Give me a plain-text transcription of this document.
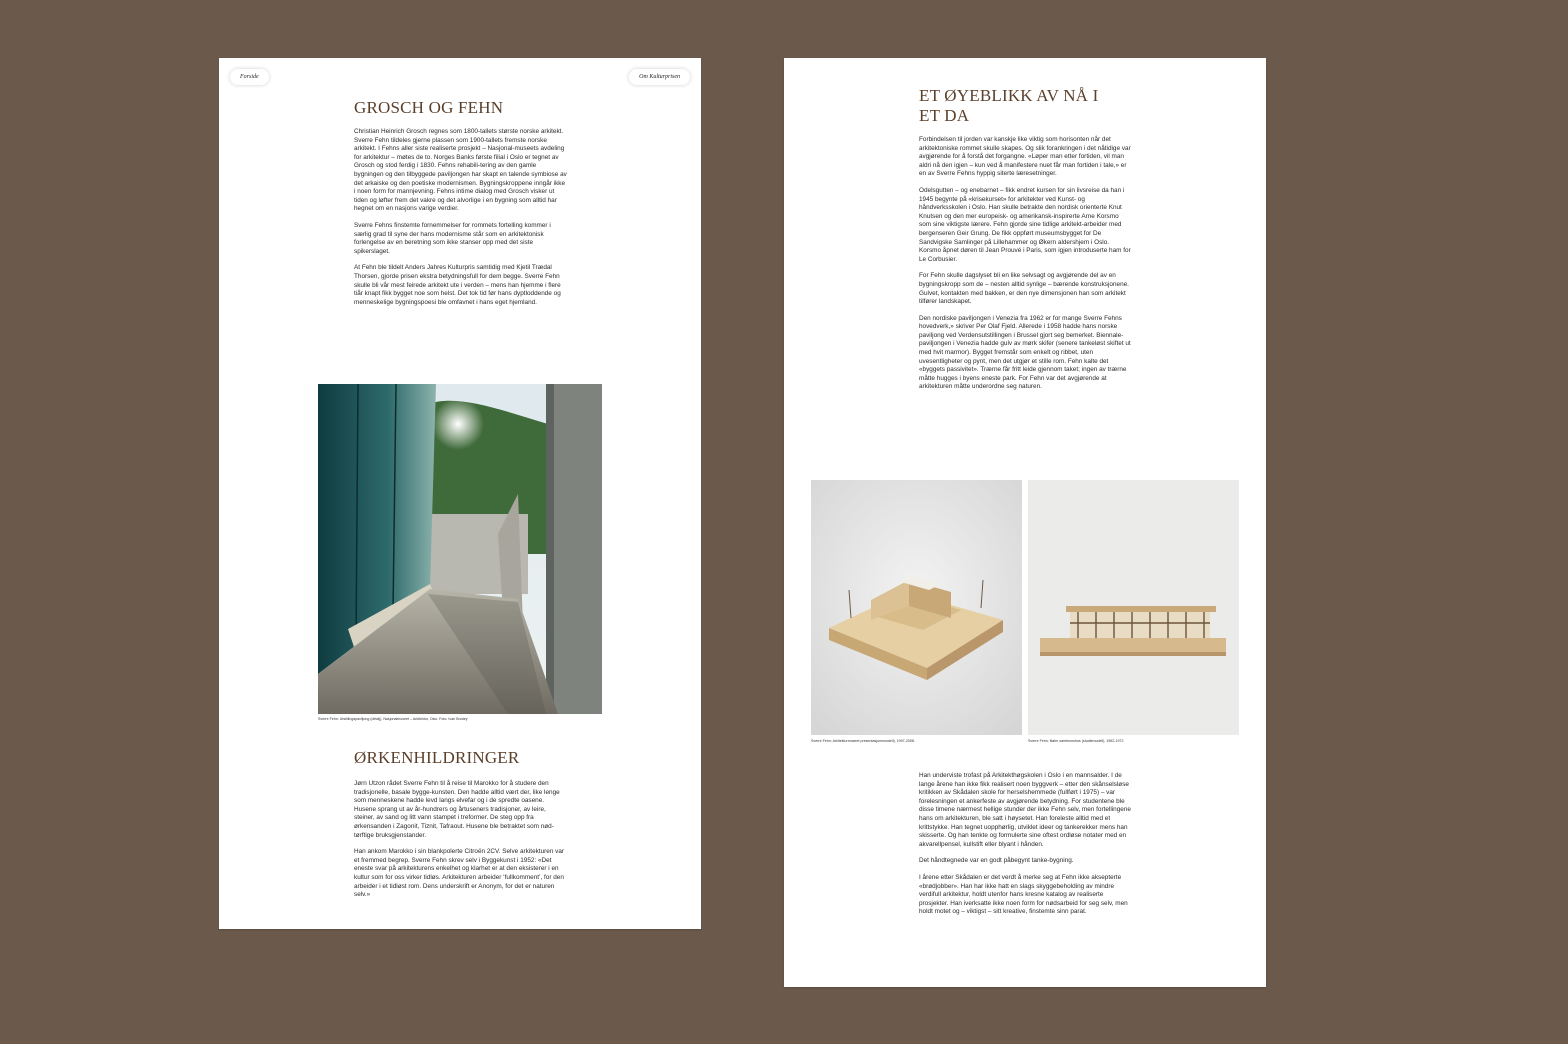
Forside	Om Kulturprisen
GROSCH OG FEHN

Christian Heinrich Grosch regnes som 1800-tallets største norske arkitekt. Sverre Fehn tildeles gjerne plassen som 1900-tallets fremste norske arkitekt. I Fehns aller siste realiserte prosjekt – Nasjonal-museets avdeling for arkitektur – møtes de to. Norges Banks første filial i Oslo er tegnet av Grosch og stod ferdig i 1830. Fehns rehabili-tering av den gamle bygningen og den tilbyggede paviljongen har skapt en talende symbiose av det arkaiske og den poetiske modernismen. Bygningskroppene inngår ikke i noen form for mannjevning. Fehns intime dialog med Grosch visker ut tiden og løfter frem det vakre og det alvorlige i en bygning som alltid har hegnet om en nasjons varige verdier.

Sverre Fehns finstemte fornemmelser for rommets fortelling kommer i særlig grad til syne der hans modernisme står som en arkitektonisk forlengelse av en beretning som ikke stanser opp med det siste spikerslaget.

At Fehn ble tildelt Anders Jahres Kulturpris samtidig med Kjetil Trædal Thorsen, gjorde prisen ekstra betydningsfull for dem begge. Sverre Fehn skulle bli vår mest feirede arkitekt ute i verden – mens han hjemme i flere tiår knapt fikk bygget noe som helst. Det tok tid før hans dyptloddende og menneskelige bygningspoesi ble omfavnet i hans eget hjemland.

Sverre Fehn: Utstillingspaviljong (detalj), Nasjonalmuseet – Arkitektur, Oslo. Foto: Ivan Brodey
ØRKENHILDRINGER

Jørn Utzon rådet Sverre Fehn til å reise til Marokko for å studere den tradisjonelle, basale bygge-kunsten. Den hadde alltid vært der, like lenge som menneskene hadde levd langs elvefar og i de spredte oasene. Husene sprang ut av år-hundrers og årtuseners tradisjoner, av leire, steiner, av sand og litt vann stampet i treformer. De steg opp fra ørkensanden i Zagonit, Tiznit, Tafraout. Husene ble betraktet som nød-tørftige bruksgjenstander.

Han ankom Marokko i sin blankpolerte Citroën 2CV. Selve arkitekturen var et fremmed begrep. Sverre Fehn skrev selv i Byggekunst i 1952: «Det eneste svar på arkitekturens enkelhet og klarhet er at den eksisterer i en kultur som for oss virker tidløs. Arkitekturen arbeider ‘fullkomment’, for den arbeider i et tidløst rom. Dens underskrift er Anonym, for det er naturen selv.»

ET ØYEBLIKK AV NÅ I ET DA

Forbindelsen til jorden var kanskje like viktig som horisonten når det arkitektoniske rommet skulle skapes. Og slik forankringen i det nåtidige var avgjørende for å forstå det forgangne. «Løper man etter fortiden, vil man aldri nå den igjen – kun ved å manifestere nuet får man fortiden i tale,» er en av Sverre Fehns hyppig siterte læresetninger.

Odelsgutten – og enebarnet – fikk endret kursen for sin livsreise da han i 1945 begynte på «krisekurset» for arkitekter ved Kunst- og håndverksskolen i Oslo. Han skulle betrakte den nordisk orienterte Knut Knutsen og den mer europeisk- og amerikansk-inspirerte Arne Korsmo som sine viktigste lærere. Fehn gjorde sine tidlige arkitekt-arbeider med bergenseren Geir Grung. De fikk oppført museumsbygget for De Sandvigske Samlinger på Lillehammer og Økern aldershjem i Oslo. Korsmo åpnet døren til Jean Prouvé i Paris, som igjen introduserte ham for Le Corbusier.

For Fehn skulle dagslyset bli en like selvsagt og avgjørende del av en bygningskropp som de – nesten alltid synlige – bærende konstruksjonene. Gulvet, kontakten med bakken, er den nye dimensjonen han som arkitekt tilfører landskapet.

Den nordiske paviljongen i Venezia fra 1962 er for mange Sverre Fehns hovedverk,» skriver Per Olaf Fjeld. Allerede i 1958 hadde hans norske paviljong ved Verdensutstillingen i Brussel gjort seg bemerket. Biennale-paviljongen i Venezia hadde gulv av mørk skifer (senere tankeløst skiftet ut med hvit marmor). Bygget fremstår som enkelt og ribbet, uten uvesentligheter og pynt, men det utgjør et stille rom. Fehn kalte det «byggets passivitet». Trærne får fritt leide gjennom taket; ingen av trærne måtte hugges i byens eneste park. For Fehn var det avgjørende at arkitekturen måtte underordne seg naturen.

Sverre Fehn: Arkitekturmuseet presentasjonsmodell), 1997-2008.	Sverre Fehn: Bøler samfunnshus (studiemodell), 1962-1972

Han underviste trofast på Arkitekthøgskolen i Oslo i en mannsalder. I de lange årene han ikke fikk realisert noen byggverk – etter den skånselsløse kritikken av Skådalen skole for herselshemmede (fullført i 1975) – var forelesningen et ankerfeste av avgjørende betydning. For studentene ble disse timene nærmest hellige stunder der ikke Fehn selv, men fortellingene hans om arkitekturen, ble satt i høysetet. Han foreleste alltid med et krittstykke. Han tegnet uopphørlig, utviklet ideer og tankerekker mens han skisserte. Og han tenkte og formulerte sine oftest ordløse notater med en akvarellpensel, kullstift eller blyant i hånden.

Det håndtegnede var en godt påbegynt tanke-bygning.

I årene etter Skådalen er det verdt å merke seg at Fehn ikke aksepterte «brødjobber». Han har ikke hatt en slags skyggebeholding av mindre verdifull arkitektur, holdt utenfor hans kresne katalog av realiserte prosjekter. Han iverksatte ikke noen form for nødsarbeid for seg selv, men holdt motet og – viktigst – sitt kreative, finstemte sinn parat.
